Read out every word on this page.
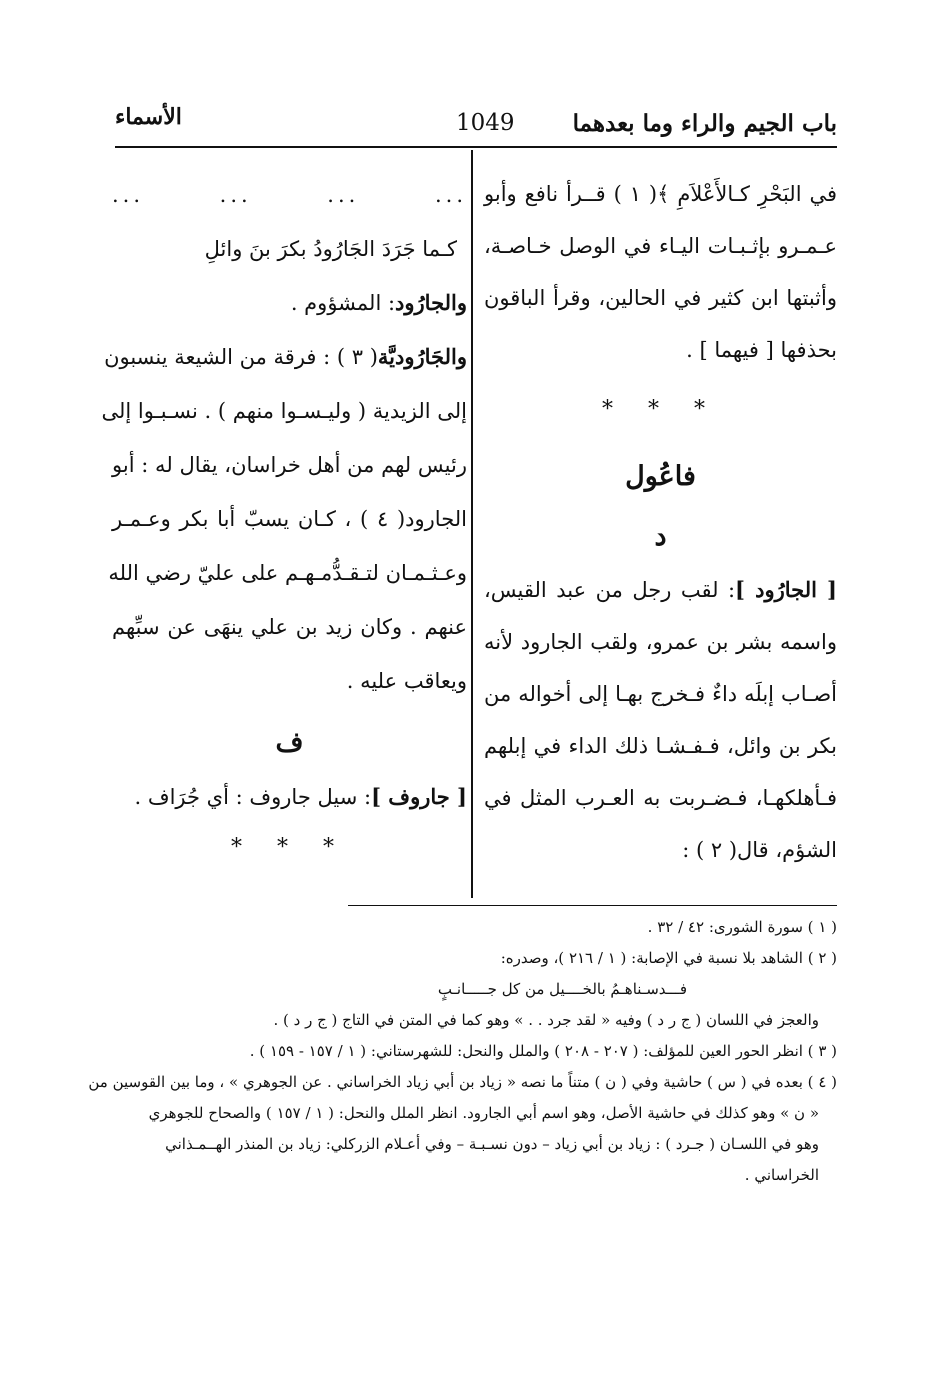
باب الجيم والراء وما بعدهما
1049
الأسماء
في البَحْرِ كـالأَعْلاَمِ ﴾( ١ ) قــرأ نافع وأبو
عـمـرو بإثـبـات اليـاء في الوصل خـاصـة،
وأثبتها ابن كثير في الحالين، وقرأ الباقون
بحذفها [ فيهما ] .
* * *
فاعُول
د
[ الجارُود ]: لقب رجل من عبد القيس،
واسمه بشر بن عمرو، ولقب الجارود لأنه
أصـاب إبلَه داءٌ فـخرج بهـا إلى أخواله من
بكر بن وائل، فـفـشـا ذلك الداء في إبلهم
فـأهلكهـا، فـضـربت به العـرب المثل في
الشؤم، قال( ٢ ) :
... ... ... ...
كـما جَرَدَ الجَارُودُ بكرَ بنَ وائلِ
والجارُود: المشؤوم .
والجَارُوديَّة( ٣ ) : فرقة من الشيعة ينسبون
إلى الزيدية ( وليـسـوا منهم ) . نسـبـوا إلى
رئيس لهم من أهل خراسان، يقال له : أبو
الجارود( ٤ ) ، كـان يسبّ أبا بكر وعـمـر
وعـثـمـان لتـقـدُّمـهـم على عليّ رضي الله
عنهم . وكان زيد بن علي ينهَى عن سبِّهم
ويعاقب عليه .
ف
[ جاروف ]: سيل جاروف : أي جُرَاف .
* * *
( ١ ) سورة الشورى: ٤٢ / ٣٢ .
( ٢ ) الشاهد بلا نسبة في الإصابة: ( ١ / ٢١٦ )، وصدره:
فـــدسـناهـمُ بالخــــيل من كل جـــــانـبٍ
والعجز في اللسان ( ج ر د ) وفيه « لقد جرد . . » وهو كما في المتن في التاج ( ج ر د ) .
( ٣ ) انظر الحور العين للمؤلف: ( ٢٠٧ - ٢٠٨ ) والملل والنحل: للشهرستاني: ( ١ / ١٥٧ - ١٥٩ ) .
( ٤ ) بعده في ( س ) حاشية وفي ( ن ) متناً ما نصه « زياد بن أبي زياد الخراساني . عن الجوهري » ، وما بين القوسين من
« ن » وهو كذلك في حاشية الأصل، وهو اسم أبي الجارود. انظر الملل والنحل: ( ١ / ١٥٧ ) والصحاح للجوهري
وهو في اللسـان ( جـرد ) : زياد بن أبي زياد – دون نسـبـة – وفي أعـلام الزركلي: زياد بن المنذر الهــمـذاني
الخراساني .
